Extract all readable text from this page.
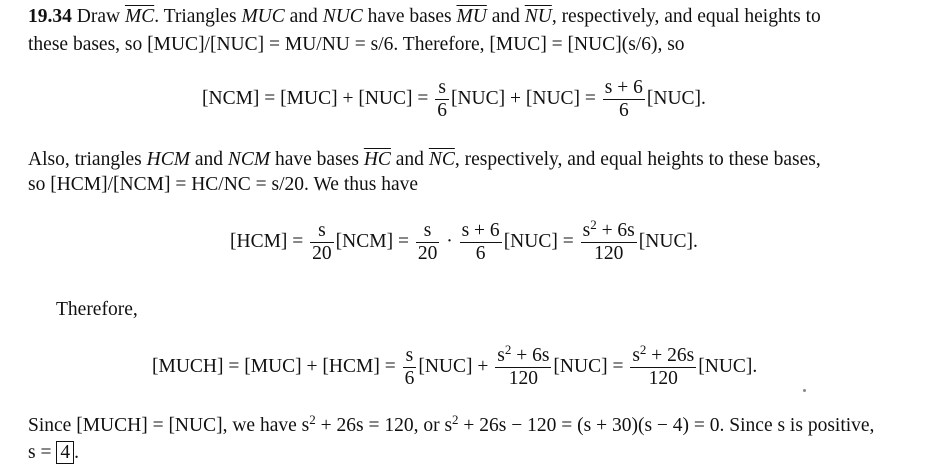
19.34 Draw $\overline{MC}$. Triangles MUC and NUC have bases $\overline{MU}$ and $\overline{NU}$, respectively, and equal heights to
these bases, so [MUC]/[NUC] = MU/NU = s/6. Therefore, [MUC] = [NUC](s/6), so
$[NCM] = [MUC] + [NUC] = \frac{s}{6} [NUC] + [NUC] = \frac{s + 6}{6} [NUC]$.
Also, triangles HCM and NCM have bases $\overline{HC}$ and $\overline{NC}$, respectively, and equal heights to these bases,
so [HCM]/[NCM] = HC/NC = s/20. We thus have
$[HCM] = \frac{s}{20} [NCM] = \frac{s}{20} \cdot \frac{s + 6}{6} [NUC] = \frac{s^2 + 6s}{120} [NUC]$.
Therefore,
[MUCH] = $[MUC] + [HCM] = \frac{s}{6} [NUC] + \frac{s^2 + 6s}{120} [NUC] = \frac{s^2 + 26s}{120} [NUC]$.
Since [MUCH] = [NUC], we have $s^2 + 26s = 120$, or $s^2 + 26s - 120 = (s + 30)(s - 4) = 0$. Since s is positive,
s = 4 .
